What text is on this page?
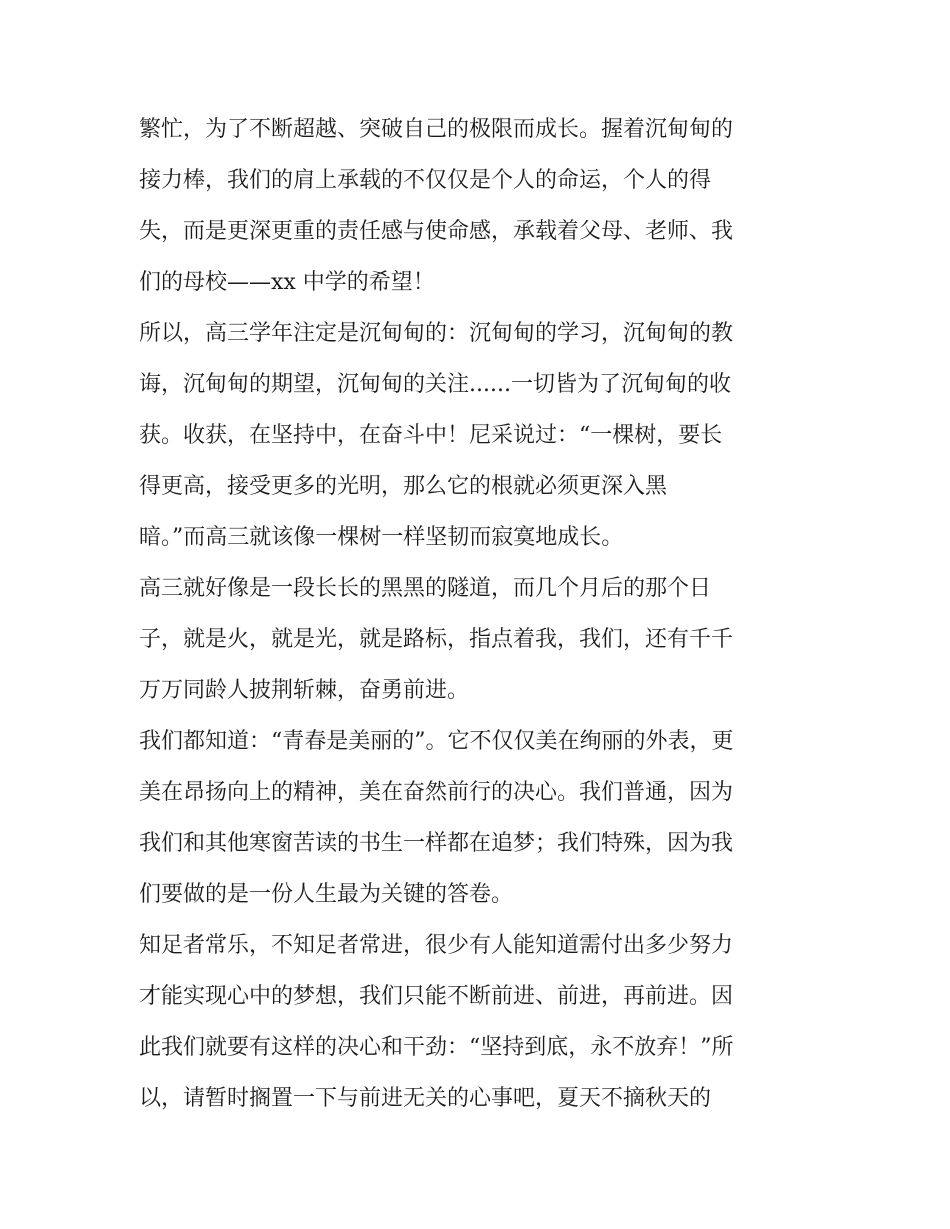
繁忙，为了不断超越、突破自己的极限而成长。握着沉甸甸的
接力棒，我们的肩上承载的不仅仅是个人的命运，个人的得
失，而是更深更重的责任感与使命感，承载着父母、老师、我
们的母校——xx 中学的希望！
所以，高三学年注定是沉甸甸的：沉甸甸的学习，沉甸甸的教
诲，沉甸甸的期望，沉甸甸的关注......一切皆为了沉甸甸的收
获。收获，在坚持中，在奋斗中！尼采说过：“一棵树，要长
得更高，接受更多的光明，那么它的根就必须更深入黑
暗。”而高三就该像一棵树一样坚韧而寂寞地成长。
高三就好像是一段长长的黑黑的隧道，而几个月后的那个日
子，就是火，就是光，就是路标，指点着我，我们，还有千千
万万同龄人披荆斩棘，奋勇前进。
我们都知道：“青春是美丽的”。它不仅仅美在绚丽的外表，更
美在昂扬向上的精神，美在奋然前行的决心。我们普通，因为
我们和其他寒窗苦读的书生一样都在追梦；我们特殊，因为我
们要做的是一份人生最为关键的答卷。
知足者常乐，不知足者常进，很少有人能知道需付出多少努力
才能实现心中的梦想，我们只能不断前进、前进，再前进。因
此我们就要有这样的决心和干劲：“坚持到底，永不放弃！”所
以，请暂时搁置一下与前进无关的心事吧，夏天不摘秋天的
